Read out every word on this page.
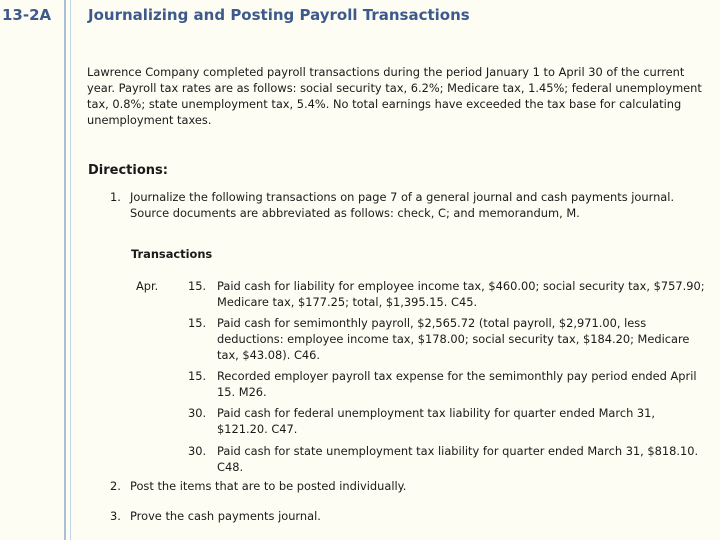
13-2A Journalizing and Posting Payroll Transactions

Lawrence Company completed payroll transactions during the period January 1 to April 30 of the current year. Payroll tax rates are as follows: social security tax, 6.2%; Medicare tax, 1.45%; federal unemployment tax, 0.8%; state unemployment tax, 5.4%. No total earnings have exceeded the tax base for calculating unemployment taxes.

Directions:
1. Journalize the following transactions on page 7 of a general journal and cash payments journal. Source documents are abbreviated as follows: check, C; and memorandum, M.
Transactions
Apr.	15. Paid cash for liability for employee income tax, $460.00; social security tax, $757.90; Medicare tax, $177.25; total, $1,395.15. C45.
15. Paid cash for semimonthly payroll, $2,565.72 (total payroll, $2,971.00, less deductions: employee income tax, $178.00; social security tax, $184.20; Medicare tax, $43.08). C46.
15. Recorded employer payroll tax expense for the semimonthly pay period ended April 15. M26.
30. Paid cash for federal unemployment tax liability for quarter ended March 31, $121.20. C47.
30. Paid cash for state unemployment tax liability for quarter ended March 31, $818.10. C48.
2. Post the items that are to be posted individually.
3. Prove the cash payments journal.
